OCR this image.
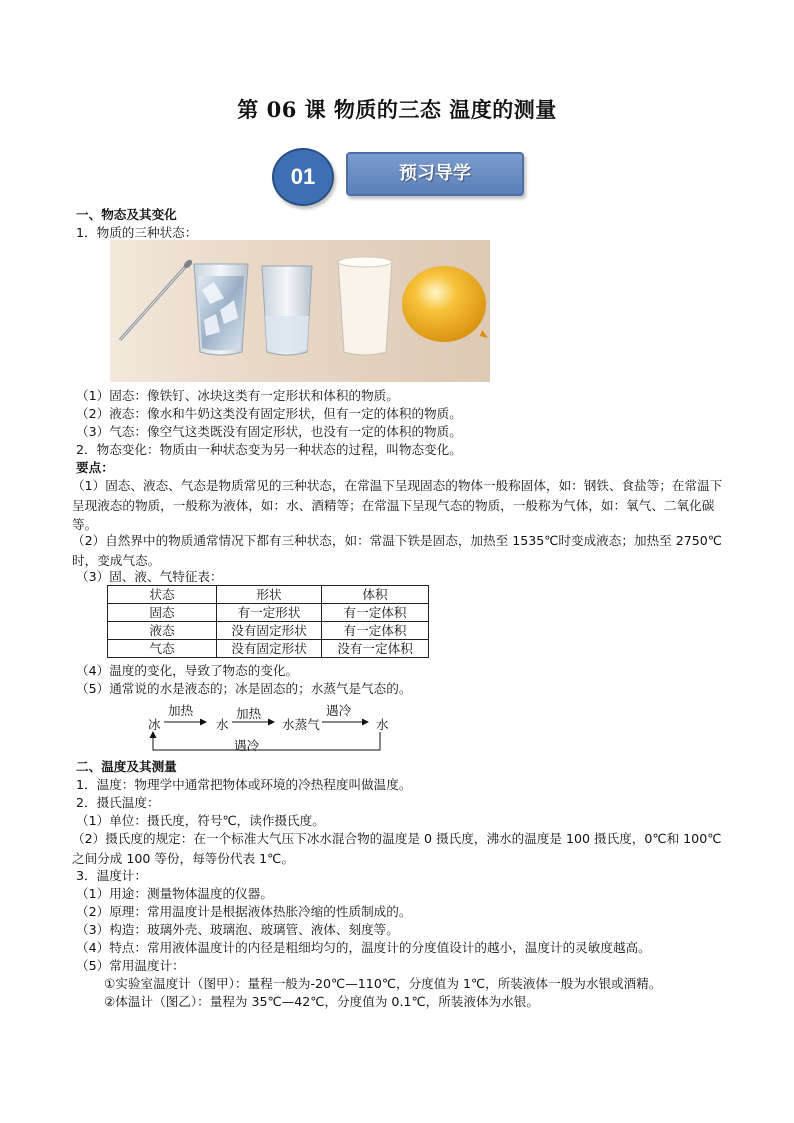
第 06 课 物质的三态 温度的测量
01	预习导学
一、物态及其变化
1．物质的三种状态：
（1）固态：像铁钉、冰块这类有一定形状和体积的物质。
（2）液态：像水和牛奶这类没有固定形状，但有一定的体积的物质。
（3）气态：像空气这类既没有固定形状，也没有一定的体积的物质。
2．物态变化：物质由一种状态变为另一种状态的过程，叫物态变化。
要点：
（1）固态、液态、气态是物质常见的三种状态，在常温下呈现固态的物体一般称固体，如：钢铁、食盐等；在常温下呈现液态的物质，一般称为液体，如：水、酒精等；在常温下呈现气态的物质，一般称为气体，如：氧气、二氧化碳等。
（2）自然界中的物质通常情况下都有三种状态，如：常温下铁是固态，加热至 1535℃时变成液态；加热至 2750℃时，变成气态。
（3）固、液、气特征表：
状态	形状	体积
固态	有一定形状	有一定体积
液态	没有固定形状	有一定体积
气态	没有固定形状	没有一定体积
（4）温度的变化，导致了物态的变化。
（5）通常说的水是液态的；冰是固态的；水蒸气是气态的。
冰	水	水蒸气	水
加热	加热	遇冷
遇冷
二、温度及其测量
1．温度：物理学中通常把物体或环境的冷热程度叫做温度。
2．摄氏温度：
（1）单位：摄氏度，符号℃，读作摄氏度。
（2）摄氏度的规定：在一个标准大气压下冰水混合物的温度是 0 摄氏度，沸水的温度是 100 摄氏度，0℃和 100℃之间分成 100 等份，每等份代表 1℃。
3．温度计：
（1）用途：测量物体温度的仪器。
（2）原理：常用温度计是根据液体热胀冷缩的性质制成的。
（3）构造：玻璃外壳、玻璃泡、玻璃管、液体、刻度等。
（4）特点：常用液体温度计的内径是粗细均匀的，温度计的分度值设计的越小，温度计的灵敏度越高。
（5）常用温度计：
①实验室温度计（图甲）：量程一般为-20℃—110℃，分度值为 1℃，所装液体一般为水银或酒精。
②体温计（图乙）：量程为 35℃—42℃，分度值为 0.1℃，所装液体为水银。
